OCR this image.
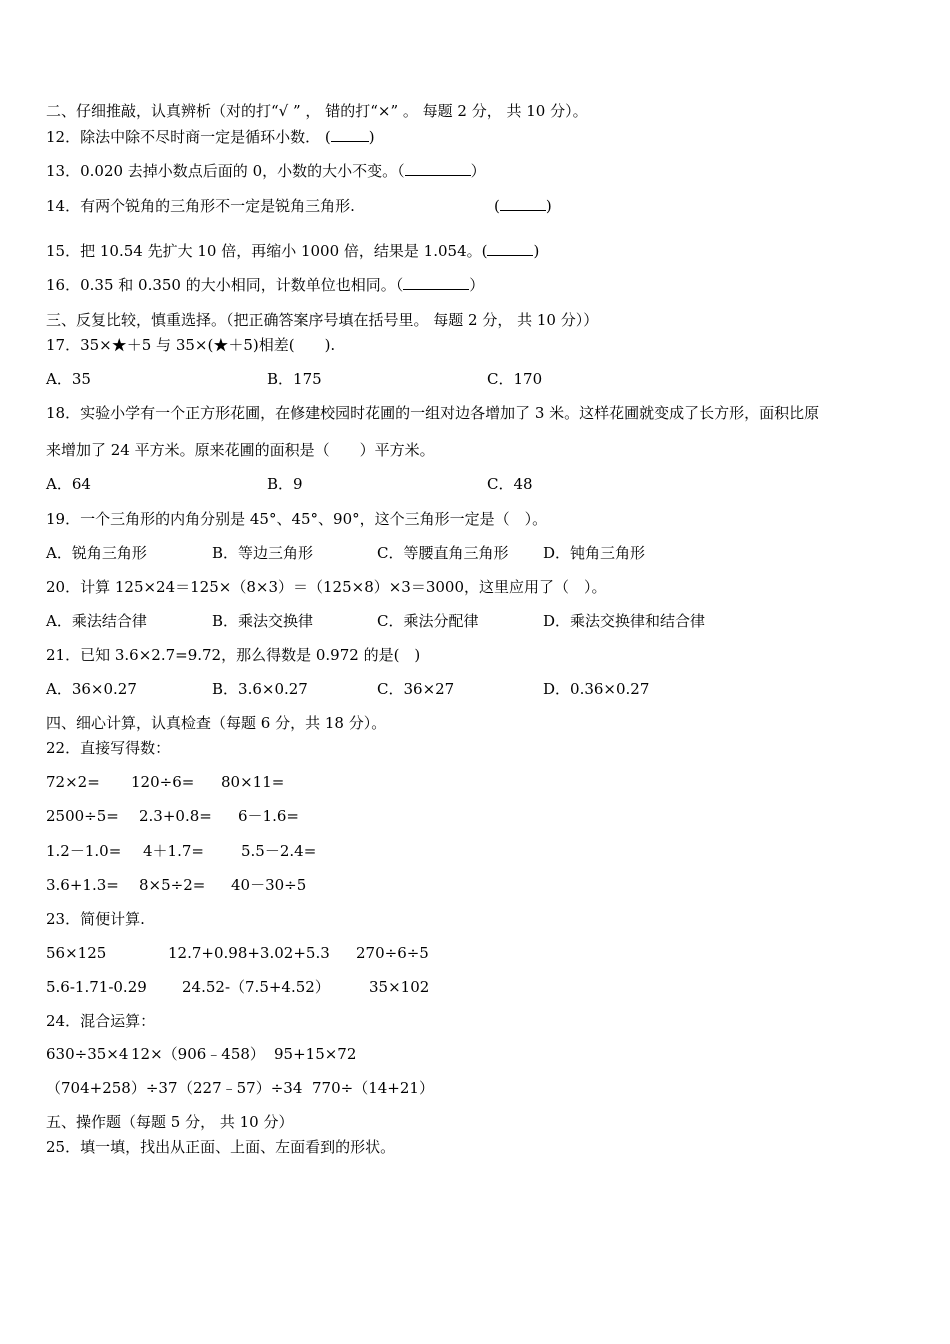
二、仔细推敲，认真辨析（对的打“√ ” ， 错的打“×” 。 每题 2 分， 共 10 分）。
12．除法中除不尽时商一定是循环小数． (	)
13．0.020 去掉小数点后面的 0，小数的大小不变。（	）
14．有两个锐角的三角形不一定是锐角三角形.	(	)
15．把 10.54 先扩大 10 倍，再缩小 1000 倍，结果是 1.054。(	)
16．0.35 和 0.350 的大小相同，计数单位也相同。（	）
三、反复比较，慎重选择。（把正确答案序号填在括号里。 每题 2 分， 共 10 分））
17．35×★＋5 与 35×(★＋5)相差(　　).
A．35	B．175	C．170
18．实验小学有一个正方形花圃，在修建校园时花圃的一组对边各增加了 3 米。这样花圃就变成了长方形，面积比原
来增加了 24 平方米。原来花圃的面积是（　　）平方米。
A．64	B．9	C．48
19．一个三角形的内角分别是 45°、45°、90°，这个三角形一定是（　）。
A．锐角三角形	B．等边三角形	C．等腰直角三角形 D．钝角三角形
20．计算 125×24＝125×（8×3）＝（125×8）×3＝3000，这里应用了（　）。
A．乘法结合律	B．乘法交换律	C．乘法分配律	D．乘法交换律和结合律
21．已知 3.6×2.7=9.72，那么得数是 0.972 的是(　)
A．36×0.27	B．3.6×0.27	C．36×27	D．0.36×0.27
四、细心计算，认真检查（每题 6 分，共 18 分）。
22．直接写得数：
72×2= 120÷6= 80×11=
2500÷5= 2.3+0.8= 6－1.6=
1.2－1.0= 4＋1.7= 5.5－2.4=
3.6+1.3= 8×5÷2= 40－30÷5
23．简便计算.
56×125	12.7+0.98+3.02+5.3 270÷6÷5
5.6-1.71-0.29 24.52-（7.5+4.52）	35×102
24．混合运算：
630÷35×4 12×（906﹣458） 95+15×72
（704+258）÷37 （227﹣57）÷34 770÷（14+21）
五、操作题（每题 5 分， 共 10 分）
25．填一填，找出从正面、上面、左面看到的形状。
